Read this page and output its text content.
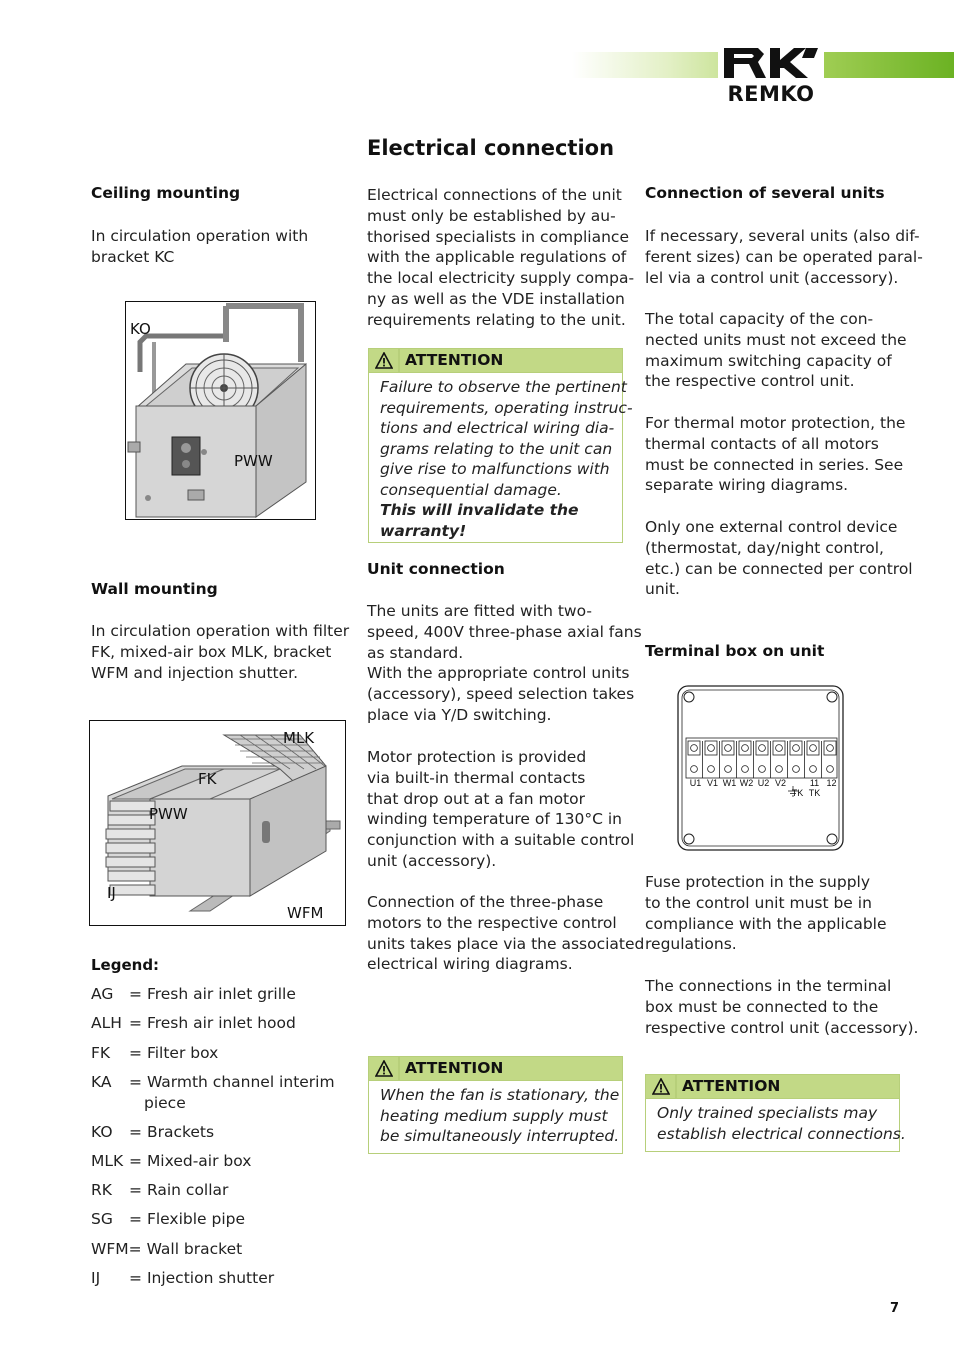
REMKO
Electrical connection
Ceiling mounting
In circulation operation with
bracket KC
KO
PWW
Wall mounting
In circulation operation with filter
FK, mixed-air box MLK, bracket
WFM and injection shutter.
MLK
FK
PWW
IJ
WFM
Legend:
AG = Fresh air inlet grille
ALH = Fresh air inlet hood
FK = Filter box
KA = Warmth channel interim
piece
KO = Brackets
MLK = Mixed-air box
RK = Rain collar
SG = Flexible pipe
WFM= Wall bracket
IJ = Injection shutter
Electrical connections of the unit
must only be established by au-
thorised specialists in compliance
with the applicable regulations of
the local electricity supply compa-
ny as well as the VDE installation
requirements relating to the unit.
ATTENTION
Failure to observe the pertinent
requirements, operating instruc-
tions and electrical wiring dia-
grams relating to the unit can
give rise to malfunctions with
consequential damage.
This will invalidate the
warranty!
Unit connection
The units are fitted with two-
speed, 400V three-phase axial fans
as standard.
With the appropriate control units
(accessory), speed selection takes
place via Y/D switching.
Motor protection is provided
via built-in thermal contacts
that drop out at a fan motor
winding temperature of 130°C in
conjunction with a suitable control
unit (accessory).
Connection of the three-phase
motors to the respective control
units takes place via the associated
electrical wiring diagrams.
ATTENTION
When the fan is stationary, the
heating medium supply must
be simultaneously interrupted.
Connection of several units
If necessary, several units (also dif-
ferent sizes) can be operated paral-
lel via a control unit (accessory).
The total capacity of the con-
nected units must not exceed the
maximum switching capacity of
the respective control unit.
For thermal motor protection, the
thermal contacts of all motors
must be connected in series. See
separate wiring diagrams.
Only one external control device
(thermostat, day/night control,
etc.) can be connected per control
unit.
Terminal box on unit
U1 V1 W1 W2 U2 V2	11 12
TK TK
Fuse protection in the supply
to the control unit must be in
compliance with the applicable
regulations.
The connections in the terminal
box must be connected to the
respective control unit (accessory).
ATTENTION
Only trained specialists may
establish electrical connections.
7
